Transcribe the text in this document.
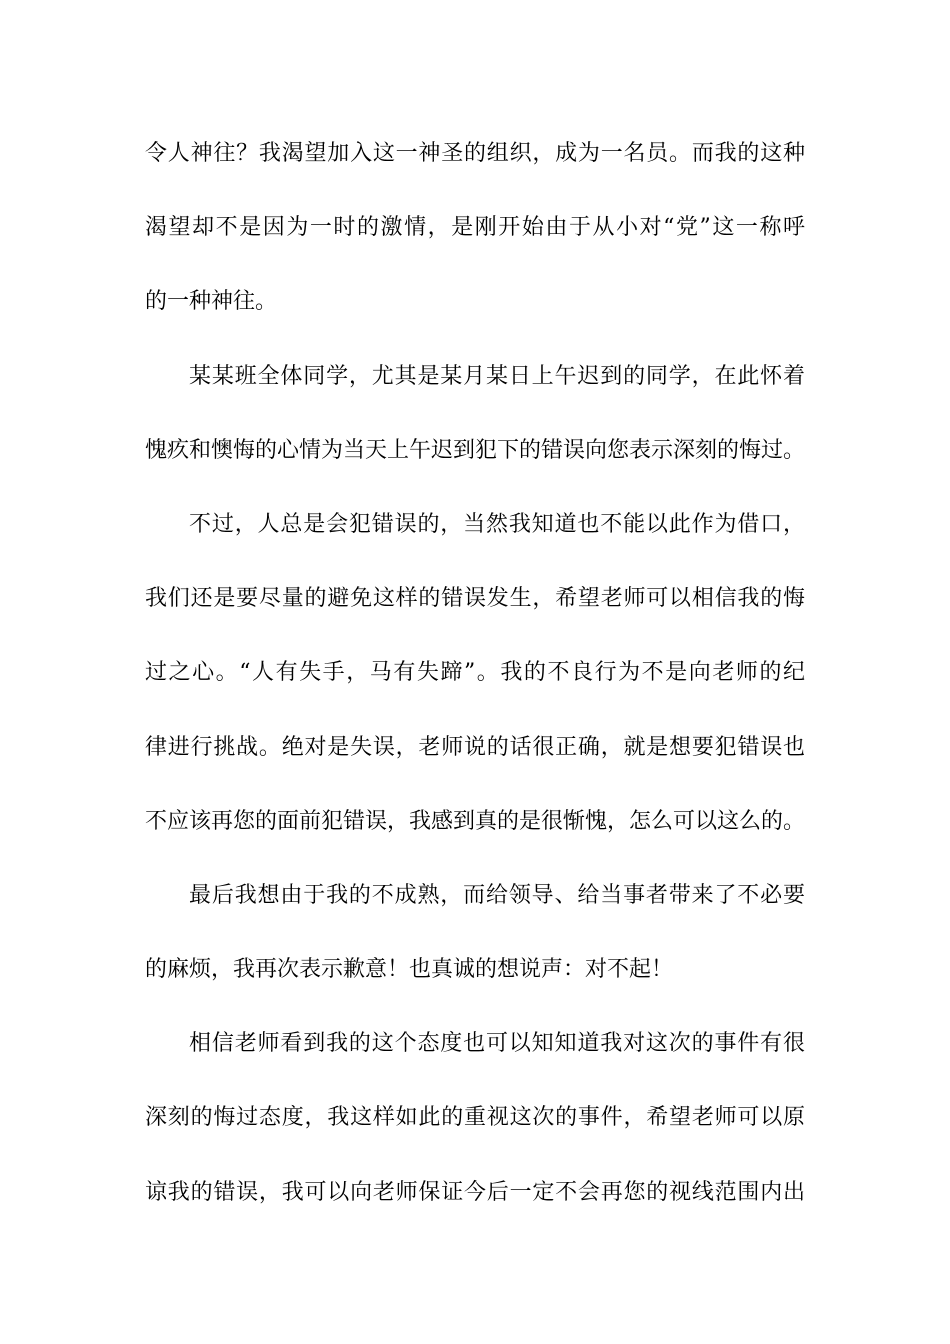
令人神往？我渴望加入这一神圣的组织，成为一名员。而我的这种
渴望却不是因为一时的激情，是刚开始由于从小对“党”这一称呼
的一种神往。
某某班全体同学，尤其是某月某日上午迟到的同学，在此怀着
愧疚和懊悔的心情为当天上午迟到犯下的错误向您表示深刻的悔过。
不过，人总是会犯错误的，当然我知道也不能以此作为借口，
我们还是要尽量的避免这样的错误发生，希望老师可以相信我的悔
过之心。“人有失手，马有失蹄”。我的不良行为不是向老师的纪
律进行挑战。绝对是失误，老师说的话很正确，就是想要犯错误也
不应该再您的面前犯错误，我感到真的是很惭愧，怎么可以这么的。
最后我想由于我的不成熟，而给领导、给当事者带来了不必要
的麻烦，我再次表示歉意！也真诚的想说声：对不起！
相信老师看到我的这个态度也可以知知道我对这次的事件有很
深刻的悔过态度，我这样如此的重视这次的事件，希望老师可以原
谅我的错误，我可以向老师保证今后一定不会再您的视线范围内出
